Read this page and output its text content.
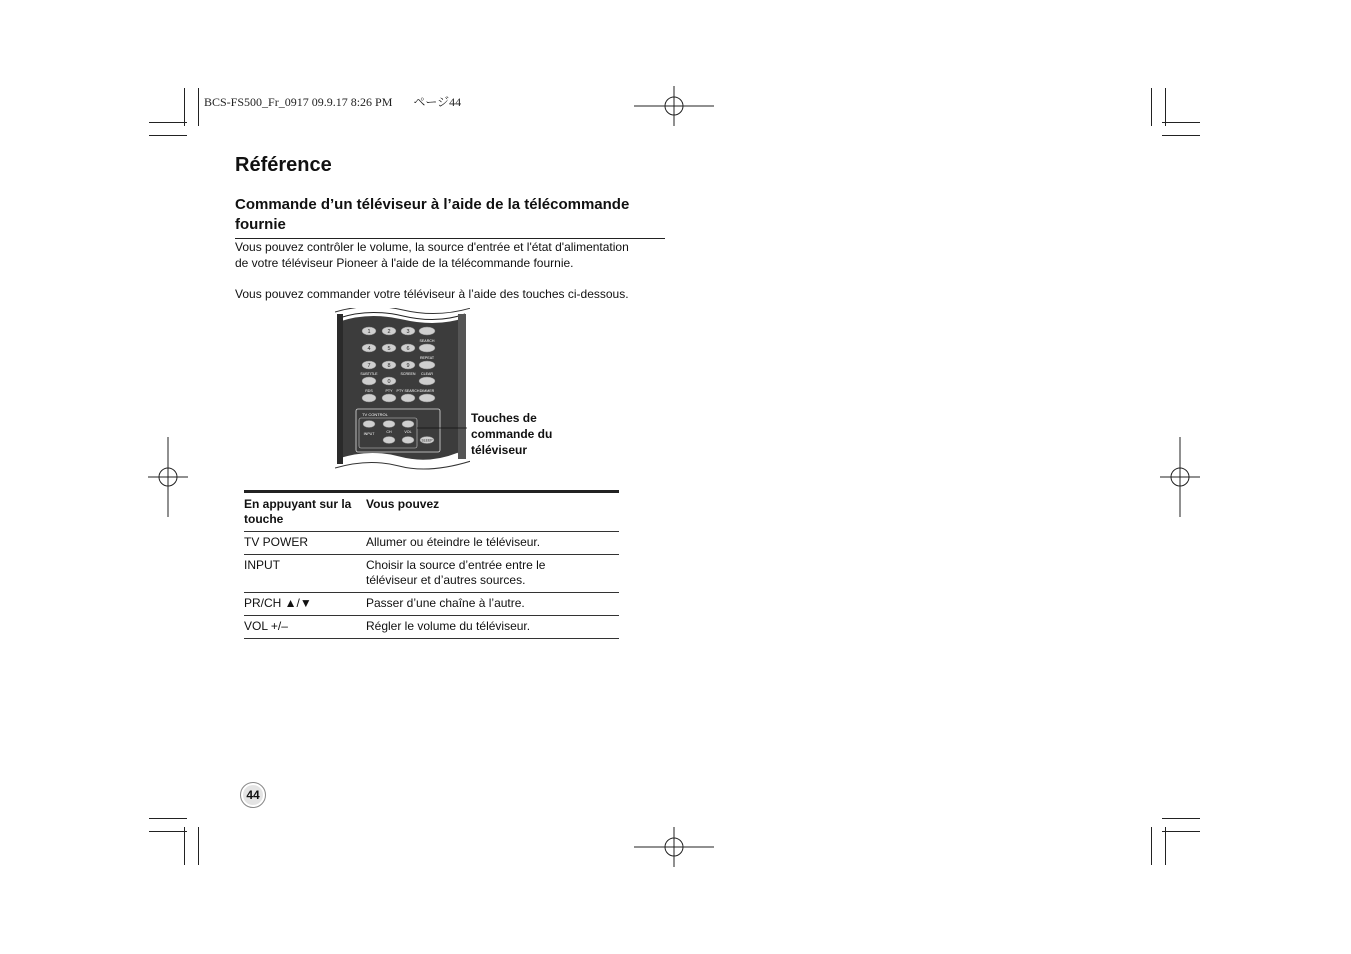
BCS-FS500_Fr_0917 09.9.17 8:26 PM ページ44
Référence
Commande d’un téléviseur à l’aide de la télécommande fournie

Vous pouvez contrôler le volume, la source d'entrée et l'état d'alimentation

de votre téléviseur Pioneer à l'aide de la télécommande fournie.

Vous pouvez commander votre téléviseur à l’aide des touches ci-dessous.

1	2	3
4	5	6
7	8	9
0
SEARCH
REPEAT
SUBTITLE	SCREEN CLEAR
RDS	PTY PTY SEARCH DIMMER
TV CONTROL
INPUT	CH	VOL
SLEEP
Touches de
commande du
téléviseur
En appuyant sur la touche	Vous pouvez
TV POWER	Allumer ou éteindre le téléviseur.
INPUT	Choisir la source d’entrée entre le téléviseur et d’autres sources.
PR/CH ▲/▼	Passer d’une chaîne à l’autre.
VOL +/–	Régler le volume du téléviseur.
44
